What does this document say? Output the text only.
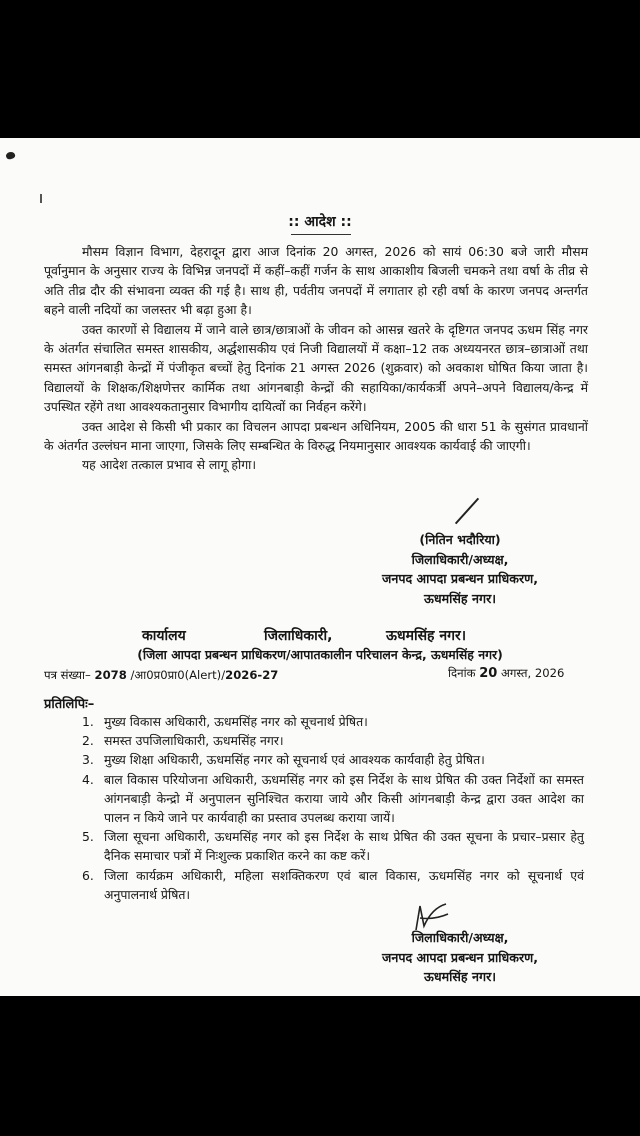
:: आदेश ::

मौसम विज्ञान विभाग, देहरादून द्वारा आज दिनांक 20 अगस्त, 2026 को सायं 06:30 बजे जारी मौसम पूर्वानुमान के अनुसार राज्य के विभिन्न जनपदों में कहीं–कहीं गर्जन के साथ आकाशीय बिजली चमकने तथा वर्षा के तीव्र से अति तीव्र दौर की संभावना व्यक्त की गई है। साथ ही, पर्वतीय जनपदों में लगातार हो रही वर्षा के कारण जनपद अन्तर्गत बहने वाली नदियों का जलस्तर भी बढ़ा हुआ है।

उक्त कारणों से विद्यालय में जाने वाले छात्र/छात्राओं के जीवन को आसन्न खतरे के दृष्टिगत जनपद ऊधम सिंह नगर के अंतर्गत संचालित समस्त शासकीय, अर्द्धशासकीय एवं निजी विद्यालयों में कक्षा–12 तक अध्ययनरत छात्र–छात्राओं तथा समस्त आंगनबाड़ी केन्द्रों में पंजीकृत बच्चों हेतु दिनांक 21 अगस्त 2026 (शुक्रवार) को अवकाश घोषित किया जाता है। विद्यालयों के शिक्षक/शिक्षणेत्तर कार्मिक तथा आंगनबाड़ी केन्द्रों की सहायिका/कार्यकर्त्री अपने–अपने विद्यालय/केन्द्र में उपस्थित रहेंगे तथा आवश्यकतानुसार विभागीय दायित्वों का निर्वहन करेंगे।

उक्त आदेश से किसी भी प्रकार का विचलन आपदा प्रबन्धन अधिनियम, 2005 की धारा 51 के सुसंगत प्रावधानों के अंतर्गत उल्लंघन माना जाएगा, जिसके लिए सम्बन्धित के विरुद्ध नियमानुसार आवश्यक कार्यवाई की जाएगी।

यह आदेश तत्काल प्रभाव से लागू होगा।

(नितिन भदौरिया)
जिलाधिकारी/अध्यक्ष,
जनपद आपदा प्रबन्धन प्राधिकरण,
ऊधमसिंह नगर।
कार्यालय	जिलाधिकारी,	ऊधमसिंह नगर।
(जिला आपदा प्रबन्धन प्राधिकरण/आपातकालीन परिचालन केन्द्र, ऊधमसिंह नगर)
पत्र संख्या– 2078 /आ0प्र0प्रा0(Alert)/2026-27	दिनांक 20 अगस्त, 2026
प्रतिलिपिः–
1. मुख्य विकास अधिकारी, ऊधमसिंह नगर को सूचनार्थ प्रेषित।
2. समस्त उपजिलाधिकारी, ऊधमसिंह नगर।
3. मुख्य शिक्षा अधिकारी, ऊधमसिंह नगर को सूचनार्थ एवं आवश्यक कार्यवाही हेतु प्रेषित।
4. बाल विकास परियोजना अधिकारी, ऊधमसिंह नगर को इस निर्देश के साथ प्रेषित की उक्त निर्देशों का समस्त आंगनबाड़ी केन्द्रो में अनुपालन सुनिश्चित कराया जाये और किसी आंगनबाड़ी केन्द्र द्वारा उक्त आदेश का पालन न किये जाने पर कार्यवाही का प्रस्ताव उपलब्ध कराया जायें।
5. जिला सूचना अधिकारी, ऊधमसिंह नगर को इस निर्देश के साथ प्रेषित की उक्त सूचना के प्रचार–प्रसार हेतु दैनिक समाचार पत्रों में निःशुल्क प्रकाशित करने का कष्ट करें।
6. जिला कार्यक्रम अधिकारी, महिला सशक्तिकरण एवं बाल विकास, ऊधमसिंह नगर को सूचनार्थ एवं अनुपालनार्थ प्रेषित।
जिलाधिकारी/अध्यक्ष,
जनपद आपदा प्रबन्धन प्राधिकरण,
ऊधमसिंह नगर।
